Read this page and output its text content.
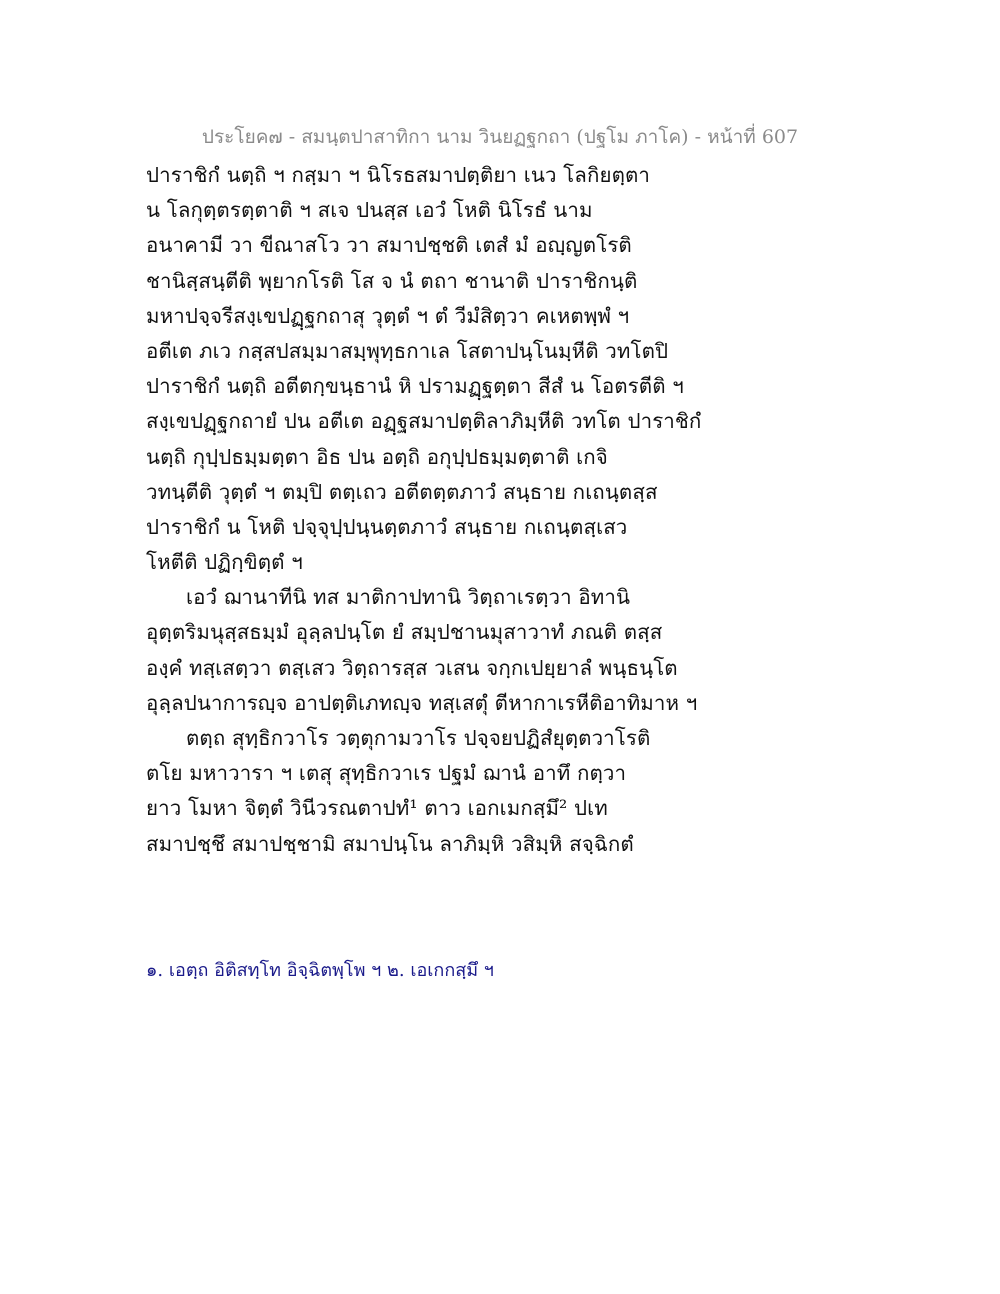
ประโยค๗ - สมนฺตปาสาทิกา นาม วินยฏฐกถา (ปฐโม ภาโค) - หน้าที่ 607
ปาราชิกํ นตฺถิ ฯ กสฺมา ฯ นิโรธสมาปตฺติยา เนว โลกิยตฺตา
น โลกุตฺตรตฺตาติ ฯ สเจ ปนสฺส เอวํ โหติ นิโรธํ นาม
อนาคามี วา ขีณาสโว วา สมาปชฺชติ เตสํ มํ อญฺญตโรติ
ชานิสฺสนฺตีติ พฺยากโรติ โส จ นํ ตถา ชานาติ ปาราชิกนฺติ
มหาปจฺจรีสงฺเขปฏฺฐกถาสุ วุตฺตํ ฯ ตํ วีมํสิตฺวา คเหตพฺพํ ฯ
อตีเต ภเว กสฺสปสมฺมาสมฺพุทฺธกาเล โสตาปนฺโนมฺหีติ วทโตปิ
ปาราชิกํ นตฺถิ อตีตกฺขนฺธานํ หิ ปรามฏฺฐตฺตา สีสํ น โอตรตีติ ฯ
สงฺเขปฏฺฐกถายํ ปน อตีเต อฏฺฐสมาปตฺติลาภิมฺหีติ วทโต ปาราชิกํ
นตฺถิ กุปฺปธมฺมตฺตา อิธ ปน อตฺถิ อกุปฺปธมฺมตฺตาติ เกจิ
วทนฺตีติ วุตฺตํ ฯ ตมฺปิ ตตฺเถว อตีตตฺตภาวํ สนฺธาย กเถนฺตสฺส
ปาราชิกํ น โหติ ปจฺจุปฺปนฺนตฺตภาวํ สนฺธาย กเถนฺตสฺเสว
โหตีติ ปฏิกฺขิตฺตํ ฯ
เอวํ ฌานาทีนิ ทส มาติกาปทานิ วิตฺถาเรตฺวา อิทานิ
อุตฺตริมนุสฺสธมฺมํ อุลฺลปนฺโต ยํ สมฺปชานมุสาวาทํ ภณติ ตสฺส
องฺคํ ทสฺเสตฺวา ตสฺเสว วิตฺถารสฺส วเสน จกฺกเปยฺยาลํ พนฺธนฺโต
อุลฺลปนาการญฺจ อาปตฺติเภทญฺจ ทสฺเสตุํ ตีหากาเรหีติอาทิมาห ฯ
ตตฺถ สุทฺธิกวาโร วตฺตุกามวาโร ปจฺจยปฏิสํยุตฺตวาโรติ
ตโย มหาวารา ฯ เตสุ สุทฺธิกวาเร ปฐมํ ฌานํ อาทึ กตฺวา
ยาว โมหา จิตฺตํ วินีวรณตาปทํ¹ ตาว เอกเมกสฺมึ² ปเท
สมาปชฺชึ สมาปชฺชามิ สมาปนฺโน ลาภิมฺหิ วสิมฺหิ สจฺฉิกตํ
๑. เอตฺถ อิติสทฺโท อิจฺฉิตพฺโพ ฯ ๒. เอเกกสฺมึ ฯ
